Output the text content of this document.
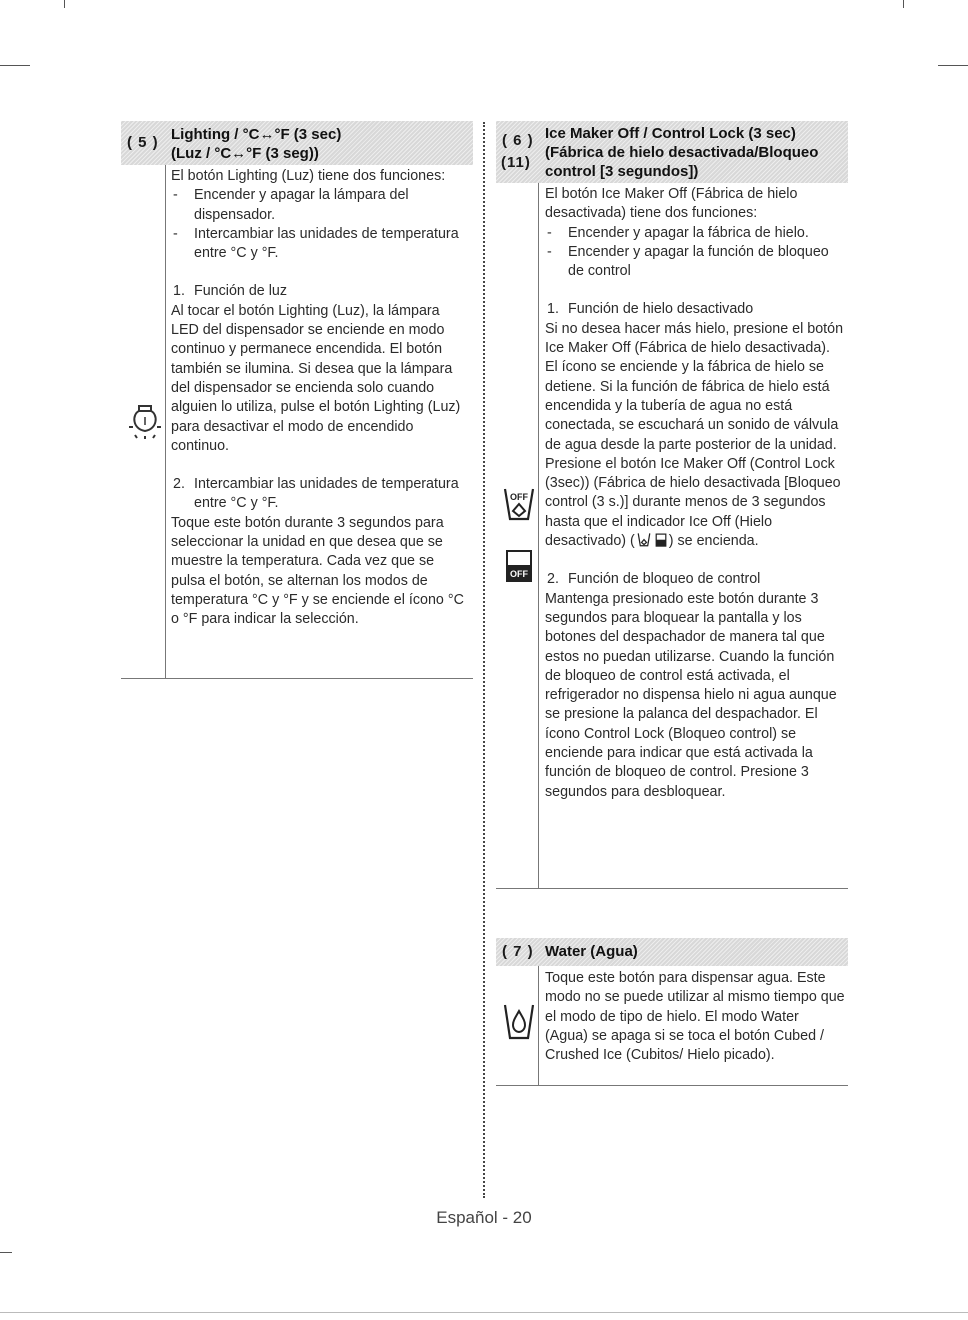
( 5 ) Lighting / °C↔°F (3 sec)
(Luz / °C↔°F (3 seg))

El botón Lighting (Luz) tiene dos funciones:

- Encender y apagar la lámpara del dispensador.

- Intercambiar las unidades de temperatura entre °C y °F.

1. Función de luz

Al tocar el botón Lighting (Luz), la lámpara LED del dispensador se enciende en modo continuo y permanece encendida. El botón también se ilumina. Si desea que la lámpara del dispensador se encienda solo cuando alguien lo utiliza, pulse el botón Lighting (Luz) para desactivar el modo de encendido continuo.

2. Intercambiar las unidades de temperatura entre °C y °F.

Toque este botón durante 3 segundos para seleccionar la unidad en que desea que se muestre la temperatura. Cada vez que se pulsa el botón, se alternan los modos de temperatura °C y °F y se enciende el ícono °C o °F para indicar la selección.

( 6 )
(11)
Ice Maker Off / Control Lock (3 sec)
(Fábrica de hielo desactivada/Bloqueo
control [3 segundos])
OFF
OFF

El botón Ice Maker Off (Fábrica de hielo desactivada) tiene dos funciones:

- Encender y apagar la fábrica de hielo.

- Encender y apagar la función de bloqueo de control

1. Función de hielo desactivado

Si no desea hacer más hielo, presione el botón Ice Maker Off (Fábrica de hielo desactivada). El ícono se enciende y la fábrica de hielo se detiene. Si la función de fábrica de hielo está encendida y la tubería de agua no está conectada, se escuchará un sonido de válvula de agua desde la parte posterior de la unidad. Presione el botón Ice Maker Off (Control Lock (3sec)) (Fábrica de hielo desactivada [Bloqueo control (3 s.)] durante menos de 3 segundos hasta que el indicador Ice Off (Hielo desactivado) ( ) se encienda.

2. Función de bloqueo de control

Mantenga presionado este botón durante 3 segundos para bloquear la pantalla y los botones del despachador de manera tal que estos no puedan utilizarse. Cuando la función de bloqueo de control está activada, el refrigerador no dispensa hielo ni agua aunque se presione la palanca del despachador. El ícono Control Lock (Bloqueo control) se enciende para indicar que está activada la función de bloqueo de control. Presione 3 segundos para desbloquear.

( 7 ) Water (Agua)

Toque este botón para dispensar agua. Este modo no se puede utilizar al mismo tiempo que el modo de tipo de hielo. El modo Water (Agua) se apaga si se toca el botón Cubed / Crushed Ice (Cubitos/ Hielo picado).

Español - 20
